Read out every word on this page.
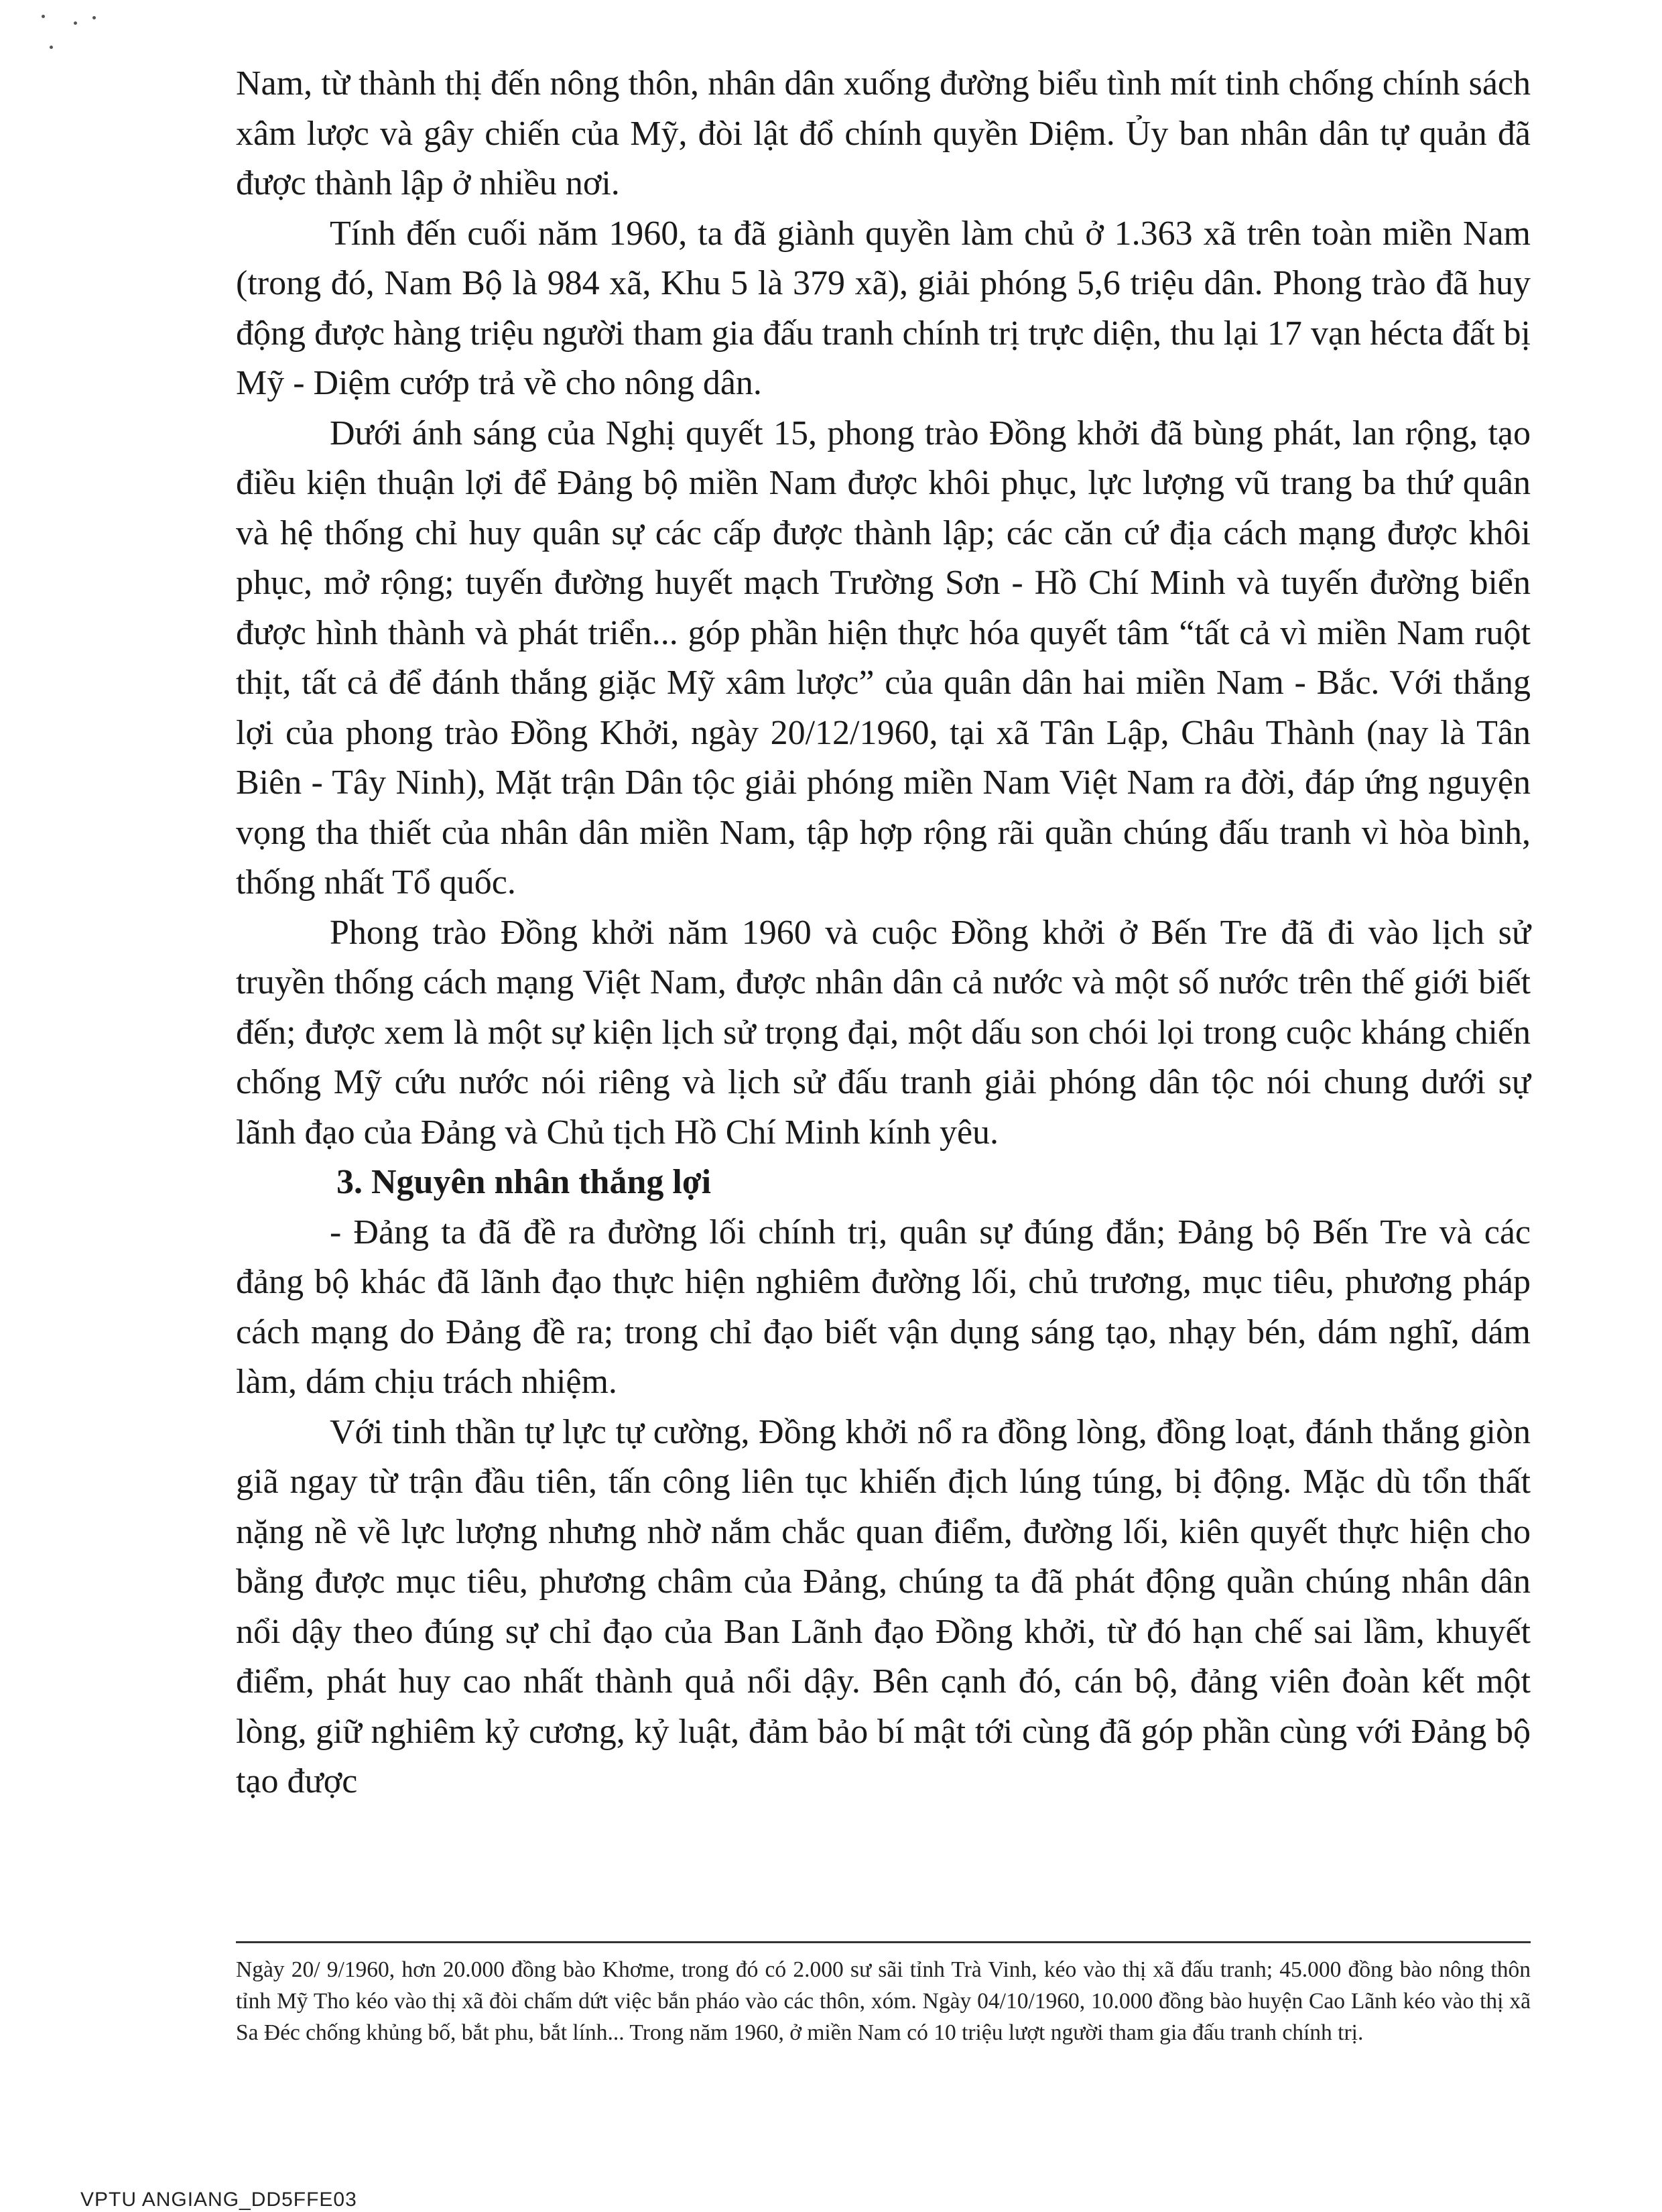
Nam, từ thành thị đến nông thôn, nhân dân xuống đường biểu tình mít tinh chống chính sách xâm lược và gây chiến của Mỹ, đòi lật đổ chính quyền Diệm. Ủy ban nhân dân tự quản đã được thành lập ở nhiều nơi.

Tính đến cuối năm 1960, ta đã giành quyền làm chủ ở 1.363 xã trên toàn miền Nam (trong đó, Nam Bộ là 984 xã, Khu 5 là 379 xã), giải phóng 5,6 triệu dân. Phong trào đã huy động được hàng triệu người tham gia đấu tranh chính trị trực diện, thu lại 17 vạn hécta đất bị Mỹ - Diệm cướp trả về cho nông dân.

Dưới ánh sáng của Nghị quyết 15, phong trào Đồng khởi đã bùng phát, lan rộng, tạo điều kiện thuận lợi để Đảng bộ miền Nam được khôi phục, lực lượng vũ trang ba thứ quân và hệ thống chỉ huy quân sự các cấp được thành lập; các căn cứ địa cách mạng được khôi phục, mở rộng; tuyến đường huyết mạch Trường Sơn - Hồ Chí Minh và tuyến đường biển được hình thành và phát triển... góp phần hiện thực hóa quyết tâm “tất cả vì miền Nam ruột thịt, tất cả để đánh thắng giặc Mỹ xâm lược” của quân dân hai miền Nam - Bắc. Với thắng lợi của phong trào Đồng Khởi, ngày 20/12/1960, tại xã Tân Lập, Châu Thành (nay là Tân Biên - Tây Ninh), Mặt trận Dân tộc giải phóng miền Nam Việt Nam ra đời, đáp ứng nguyện vọng tha thiết của nhân dân miền Nam, tập hợp rộng rãi quần chúng đấu tranh vì hòa bình, thống nhất Tổ quốc.

Phong trào Đồng khởi năm 1960 và cuộc Đồng khởi ở Bến Tre đã đi vào lịch sử truyền thống cách mạng Việt Nam, được nhân dân cả nước và một số nước trên thế giới biết đến; được xem là một sự kiện lịch sử trọng đại, một dấu son chói lọi trong cuộc kháng chiến chống Mỹ cứu nước nói riêng và lịch sử đấu tranh giải phóng dân tộc nói chung dưới sự lãnh đạo của Đảng và Chủ tịch Hồ Chí Minh kính yêu.

3. Nguyên nhân thắng lợi

- Đảng ta đã đề ra đường lối chính trị, quân sự đúng đắn; Đảng bộ Bến Tre và các đảng bộ khác đã lãnh đạo thực hiện nghiêm đường lối, chủ trương, mục tiêu, phương pháp cách mạng do Đảng đề ra; trong chỉ đạo biết vận dụng sáng tạo, nhạy bén, dám nghĩ, dám làm, dám chịu trách nhiệm.

Với tinh thần tự lực tự cường, Đồng khởi nổ ra đồng lòng, đồng loạt, đánh thắng giòn giã ngay từ trận đầu tiên, tấn công liên tục khiến địch lúng túng, bị động. Mặc dù tổn thất nặng nề về lực lượng nhưng nhờ nắm chắc quan điểm, đường lối, kiên quyết thực hiện cho bằng được mục tiêu, phương châm của Đảng, chúng ta đã phát động quần chúng nhân dân nổi dậy theo đúng sự chỉ đạo của Ban Lãnh đạo Đồng khởi, từ đó hạn chế sai lầm, khuyết điểm, phát huy cao nhất thành quả nổi dậy. Bên cạnh đó, cán bộ, đảng viên đoàn kết một lòng, giữ nghiêm kỷ cương, kỷ luật, đảm bảo bí mật tới cùng đã góp phần cùng với Đảng bộ tạo được

Ngày 20/ 9/1960, hơn 20.000 đồng bào Khơme, trong đó có 2.000 sư sãi tỉnh Trà Vinh, kéo vào thị xã đấu tranh; 45.000 đồng bào nông thôn tỉnh Mỹ Tho kéo vào thị xã đòi chấm dứt việc bắn pháo vào các thôn, xóm. Ngày 04/10/1960, 10.000 đồng bào huyện Cao Lãnh kéo vào thị xã Sa Đéc chống khủng bố, bắt phu, bắt lính... Trong năm 1960, ở miền Nam có 10 triệu lượt người tham gia đấu tranh chính trị.

VPTU ANGIANG_DD5FFE03
